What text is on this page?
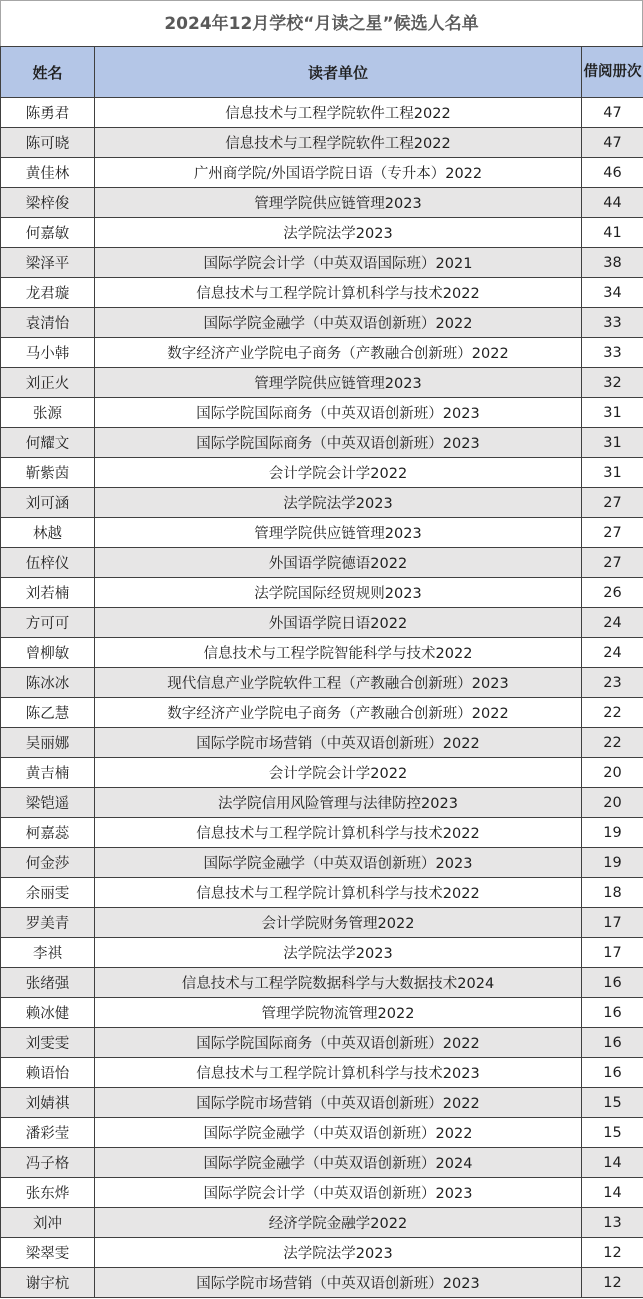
2024年12月学校“月读之星”候选人名单
姓名	读者单位	借阅册次
陈勇君	信息技术与工程学院软件工程2022	47
陈可晓	信息技术与工程学院软件工程2022	47
黄佳林	广州商学院/外国语学院日语（专升本）2022	46
梁梓俊	管理学院供应链管理2023	44
何嘉敏	法学院法学2023	41
梁泽平	国际学院会计学（中英双语国际班）2021	38
龙君璇	信息技术与工程学院计算机科学与技术2022	34
袁清怡	国际学院金融学（中英双语创新班）2022	33
马小韩	数字经济产业学院电子商务（产教融合创新班）2022	33
刘正火	管理学院供应链管理2023	32
张源	国际学院国际商务（中英双语创新班）2023	31
何耀文	国际学院国际商务（中英双语创新班）2023	31
靳紫茵	会计学院会计学2022	31
刘可涵	法学院法学2023	27
林越	管理学院供应链管理2023	27
伍梓仪	外国语学院德语2022	27
刘若楠	法学院国际经贸规则2023	26
方可可	外国语学院日语2022	24
曾柳敏	信息技术与工程学院智能科学与技术2022	24
陈冰冰	现代信息产业学院软件工程（产教融合创新班）2023	23
陈乙慧	数字经济产业学院电子商务（产教融合创新班）2022	22
吴丽娜	国际学院市场营销（中英双语创新班）2022	22
黄吉楠	会计学院会计学2022	20
梁铠遥	法学院信用风险管理与法律防控2023	20
柯嘉蕊	信息技术与工程学院计算机科学与技术2022	19
何金莎	国际学院金融学（中英双语创新班）2023	19
余丽雯	信息技术与工程学院计算机科学与技术2022	18
罗美青	会计学院财务管理2022	17
李祺	法学院法学2023	17
张绪强	信息技术与工程学院数据科学与大数据技术2024	16
赖冰健	管理学院物流管理2022	16
刘雯雯	国际学院国际商务（中英双语创新班）2022	16
赖语怡	信息技术与工程学院计算机科学与技术2023	16
刘婧祺	国际学院市场营销（中英双语创新班）2022	15
潘彩莹	国际学院金融学（中英双语创新班）2022	15
冯子格	国际学院金融学（中英双语创新班）2024	14
张东烨	国际学院会计学（中英双语创新班）2023	14
刘冲	经济学院金融学2022	13
梁翠雯	法学院法学2023	12
谢宇杭	国际学院市场营销（中英双语创新班）2023	12
